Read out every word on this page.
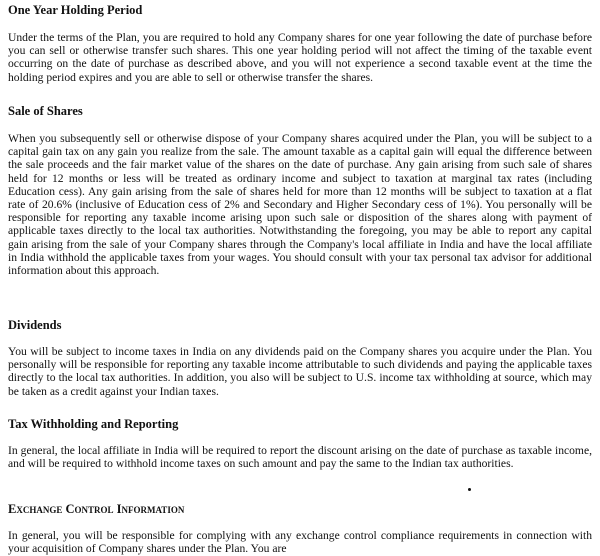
One Year Holding Period

Under the terms of the Plan, you are required to hold any Company shares for one year following the date of purchase before you can sell or otherwise transfer such shares. This one year holding period will not affect the timing of the taxable event occurring on the date of purchase as described above, and you will not experience a second taxable event at the time the holding period expires and you are able to sell or otherwise transfer the shares.

Sale of Shares

When you subsequently sell or otherwise dispose of your Company shares acquired under the Plan, you will be subject to a capital gain tax on any gain you realize from the sale. The amount taxable as a capital gain will equal the difference between the sale proceeds and the fair market value of the shares on the date of purchase. Any gain arising from such sale of shares held for 12 months or less will be treated as ordinary income and subject to taxation at marginal tax rates (including Education cess). Any gain arising from the sale of shares held for more than 12 months will be subject to taxation at a flat rate of 20.6% (inclusive of Education cess of 2% and Secondary and Higher Secondary cess of 1%). You personally will be responsible for reporting any taxable income arising upon such sale or disposition of the shares along with payment of applicable taxes directly to the local tax authorities. Notwithstanding the foregoing, you may be able to report any capital gain arising from the sale of your Company shares through the Company's local affiliate in India and have the local affiliate in India withhold the applicable taxes from your wages. You should consult with your tax personal tax advisor for additional information about this approach.

Dividends

You will be subject to income taxes in India on any dividends paid on the Company shares you acquire under the Plan. You personally will be responsible for reporting any taxable income attributable to such dividends and paying the applicable taxes directly to the local tax authorities. In addition, you also will be subject to U.S. income tax withholding at source, which may be taken as a credit against your Indian taxes.

Tax Withholding and Reporting

In general, the local affiliate in India will be required to report the discount arising on the date of purchase as taxable income, and will be required to withhold income taxes on such amount and pay the same to the Indian tax authorities.

Exchange Control Information

In general, you will be responsible for complying with any exchange control compliance requirements in connection with your acquisition of Company shares under the Plan. You are
